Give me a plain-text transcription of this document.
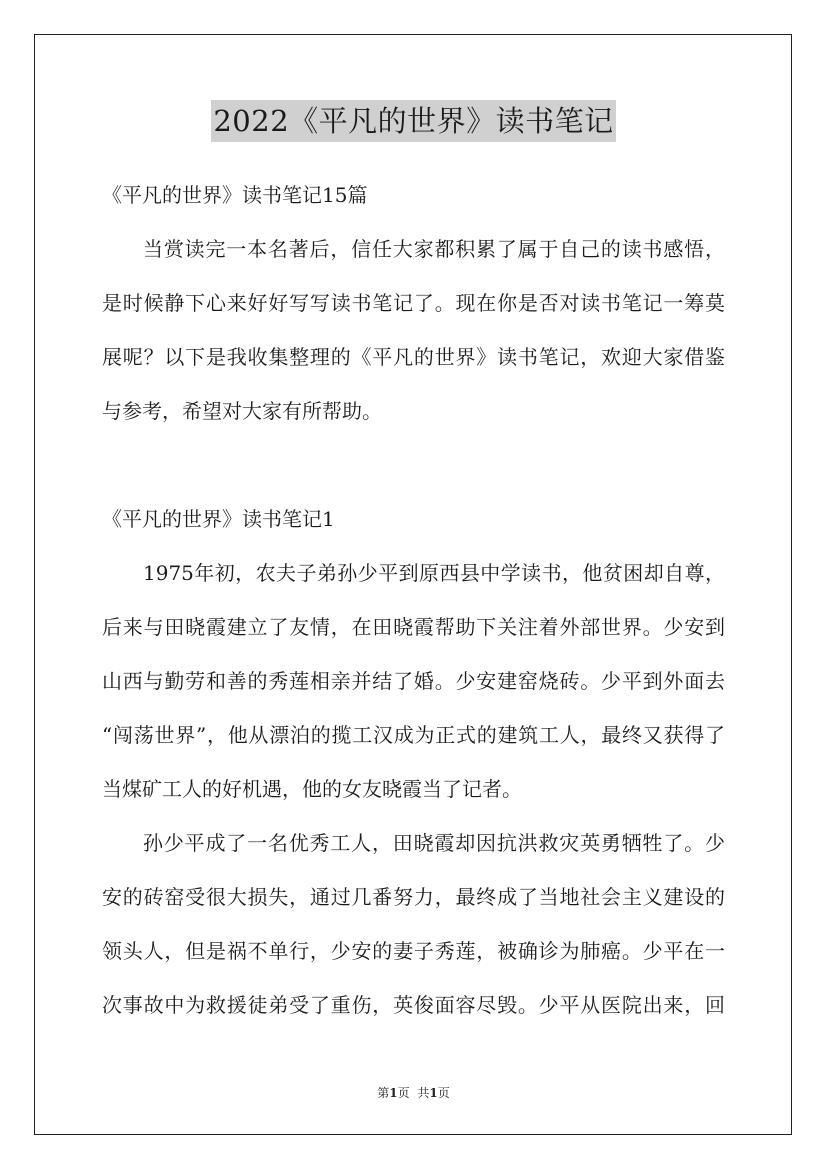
2022《平凡的世界》读书笔记
《平凡的世界》读书笔记15篇
当赏读完一本名著后，信任大家都积累了属于自己的读书感悟，
是时候静下心来好好写写读书笔记了。现在你是否对读书笔记一筹莫
展呢？以下是我收集整理的《平凡的世界》读书笔记，欢迎大家借鉴
与参考，希望对大家有所帮助。
《平凡的世界》读书笔记1
1975年初，农夫子弟孙少平到原西县中学读书，他贫困却自尊，
后来与田晓霞建立了友情，在田晓霞帮助下关注着外部世界。少安到
山西与勤劳和善的秀莲相亲并结了婚。少安建窑烧砖。少平到外面去
“闯荡世界”，他从漂泊的揽工汉成为正式的建筑工人，最终又获得了
当煤矿工人的好机遇，他的女友晓霞当了记者。
孙少平成了一名优秀工人，田晓霞却因抗洪救灾英勇牺牲了。少
安的砖窑受很大损失，通过几番努力，最终成了当地社会主义建设的
领头人，但是祸不单行，少安的妻子秀莲，被确诊为肺癌。少平在一
次事故中为救援徒弟受了重伤，英俊面容尽毁。少平从医院出来，回
第1页 共1页
